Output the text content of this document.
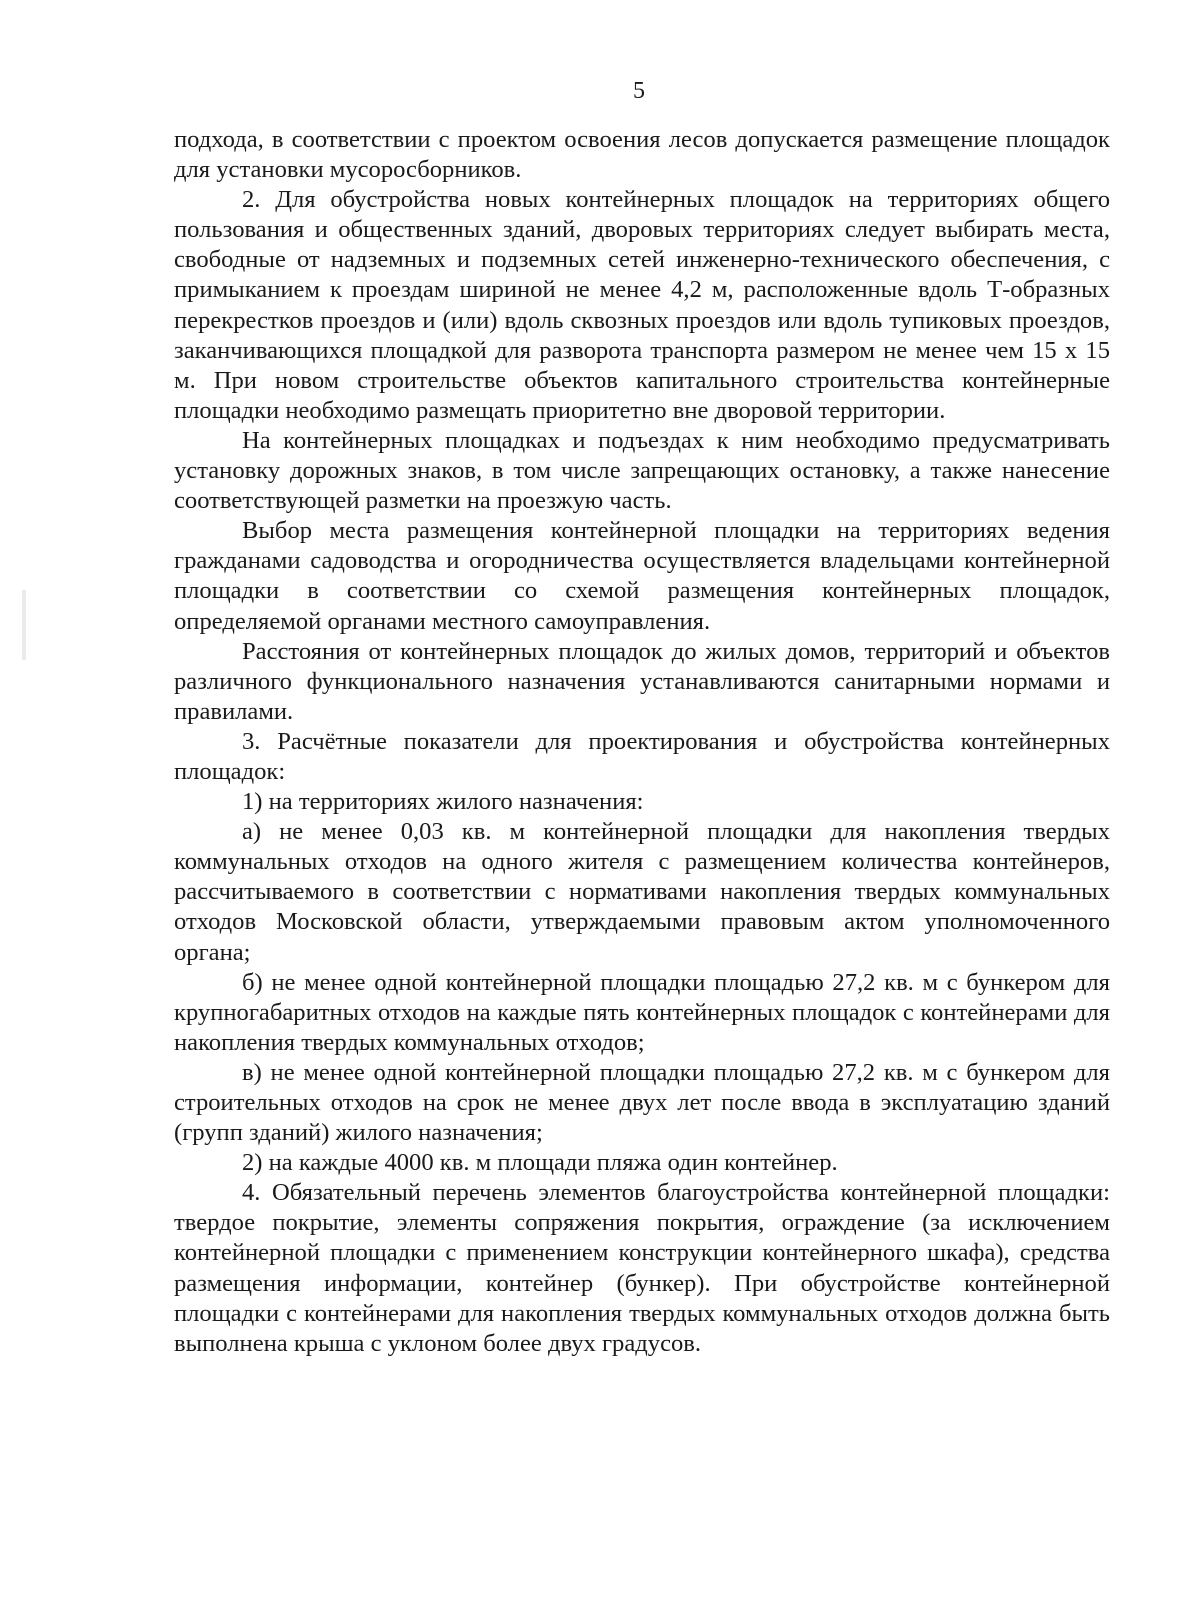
5

подхода, в соответствии с проектом освоения лесов допускается размещение площадок для установки мусоросборников.

2. Для обустройства новых контейнерных площадок на территориях общего пользования и общественных зданий, дворовых территориях следует выбирать места, свободные от надземных и подземных сетей инженерно-технического обеспечения, с примыканием к проездам шириной не менее 4,2 м, расположенные вдоль Т-образных перекрестков проездов и (или) вдоль сквозных проездов или вдоль тупиковых проездов, заканчивающихся площадкой для разворота транспорта размером не менее чем 15 х 15 м. При новом строительстве объектов капитального строительства контейнерные площадки необходимо размещать приоритетно вне дворовой территории.

На контейнерных площадках и подъездах к ним необходимо предусматривать установку дорожных знаков, в том числе запрещающих остановку, а также нанесение соответствующей разметки на проезжую часть.

Выбор места размещения контейнерной площадки на территориях ведения гражданами садоводства и огородничества осуществляется владельцами контейнерной площадки в соответствии со схемой размещения контейнерных площадок, определяемой органами местного самоуправления.

Расстояния от контейнерных площадок до жилых домов, территорий и объектов различного функционального назначения устанавливаются санитарными нормами и правилами.

3. Расчётные показатели для проектирования и обустройства контейнерных площадок:

1) на территориях жилого назначения:

а) не менее 0,03 кв. м контейнерной площадки для накопления твердых коммунальных отходов на одного жителя с размещением количества контейнеров, рассчитываемого в соответствии с нормативами накопления твердых коммунальных отходов Московской области, утверждаемыми правовым актом уполномоченного органа;

б) не менее одной контейнерной площадки площадью 27,2 кв. м с бункером для крупногабаритных отходов на каждые пять контейнерных площадок с контейнерами для накопления твердых коммунальных отходов;

в) не менее одной контейнерной площадки площадью 27,2 кв. м с бункером для строительных отходов на срок не менее двух лет после ввода в эксплуатацию зданий (групп зданий) жилого назначения;

2) на каждые 4000 кв. м площади пляжа один контейнер.

4. Обязательный перечень элементов благоустройства контейнерной площадки: твердое покрытие, элементы сопряжения покрытия, ограждение (за исключением контейнерной площадки с применением конструкции контейнерного шкафа), средства размещения информации, контейнер (бункер). При обустройстве контейнерной площадки с контейнерами для накопления твердых коммунальных отходов должна быть выполнена крыша с уклоном более двух градусов.
